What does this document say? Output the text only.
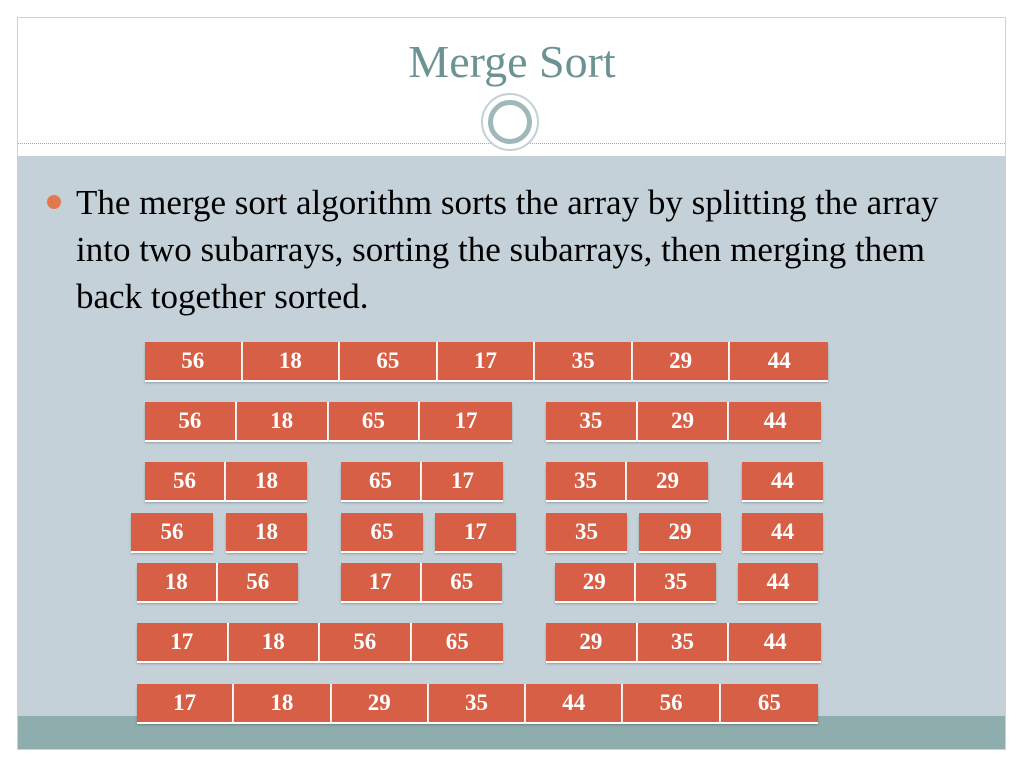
Merge Sort

The merge sort algorithm sorts the array by splitting the array into two subarrays, sorting the subarrays, then merging them back together sorted.

56	18	65	17	35	29	44
56	18	65	17	35	29	44
56	18	65	17	35	29	44
56	18	65	17	35	29	44
18	56	17	65	29	35	44
17	18	56	65	29	35	44
17	18	29	35	44	56	65
